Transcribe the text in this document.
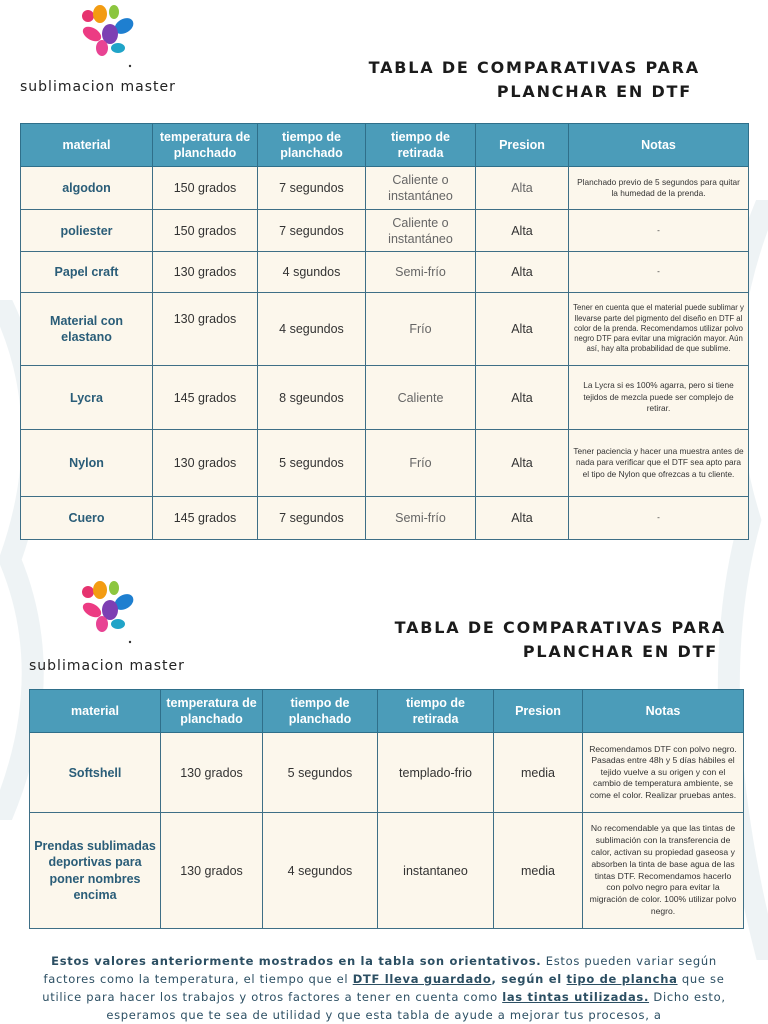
sublimacion master
TABLA DE COMPARATIVAS PARA
PLANCHAR EN DTF
material	temperatura de planchado	tiempo de planchado	tiempo de retirada	Presion	Notas
algodon	150 grados	7 segundos	Caliente o instantáneo	Alta	Planchado previo de 5 segundos para quitar la humedad de la prenda.
poliester	150 grados	7 segundos	Caliente o instantáneo	Alta	-
Papel craft	130 grados	4 sgundos	Semi-frío	Alta	-
Material con elastano	130 grados	4 segundos	Frío	Alta	Tener en cuenta que el material puede sublimar y llevarse parte del pigmento del diseño en DTF al color de la prenda. Recomendamos utilizar polvo negro DTF para evitar una migración mayor. Aún así, hay alta probabilidad de que sublime.
Lycra	145 grados	8 sgeundos	Caliente	Alta	La Lycra si es 100% agarra, pero si tiene tejidos de mezcla puede ser complejo de retirar.
Nylon	130 grados	5 segundos	Frío	Alta	Tener paciencia y hacer una muestra antes de nada para verificar que el DTF sea apto para el tipo de Nylon que ofrezcas a tu cliente.
Cuero	145 grados	7 segundos	Semi-frío	Alta	-
sublimacion master
TABLA DE COMPARATIVAS PARA
PLANCHAR EN DTF
material	temperatura de planchado	tiempo de planchado	tiempo de retirada	Presion	Notas
Softshell	130 grados	5 segundos	templado-frio	media	Recomendamos DTF con polvo negro. Pasadas entre 48h y 5 días hábiles el tejido vuelve a su origen y con el cambio de temperatura ambiente, se come el color. Realizar pruebas antes.
Prendas sublimadas deportivas para poner nombres encima	130 grados	4 segundos	instantaneo	media	No recomendable ya que las tintas de sublimación con la transferencia de calor, activan su propiedad gaseosa y absorben la tinta de base agua de las tintas DTF. Recomendamos hacerlo con polvo negro para evitar la migración de color. 100% utilizar polvo negro.
Estos valores anteriormente mostrados en la tabla son orientativos. Estos pueden variar según factores como la temperatura, el tiempo que el DTF lleva guardado, según el tipo de plancha que se utilice para hacer los trabajos y otros factores a tener en cuenta como las tintas utilizadas. Dicho esto, esperamos que te sea de utilidad y que esta tabla de ayude a mejorar tus procesos, a
